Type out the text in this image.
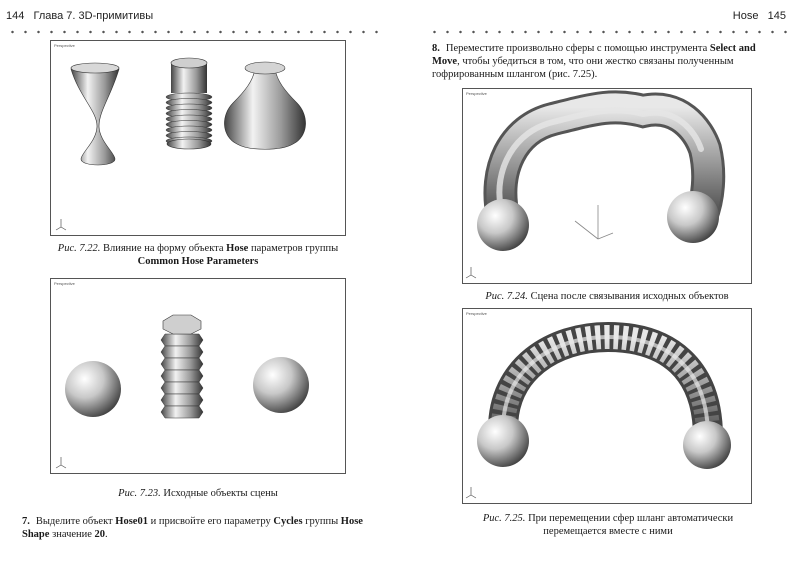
144 Глава 7. 3D-примитивы	Hose 145
Perspective
Рис. 7.22. Влияние на форму объекта Hose параметров группы Common Hose Parameters
Perspective
Рис. 7.23. Исходные объекты сцены
7. Выделите объект Hose01 и присвойте его параметру Cycles группы Hose Shape значение 20.
8. Переместите произвольно сферы с помощью инструмента Select and Move, чтобы убедиться в том, что они жестко связаны полученным гофрированным шлангом (рис. 7.25).
Perspective
Рис. 7.24. Сцена после связывания исходных объектов
Perspective
Рис. 7.25. При перемещении сфер шланг автоматически перемещается вместе с ними
